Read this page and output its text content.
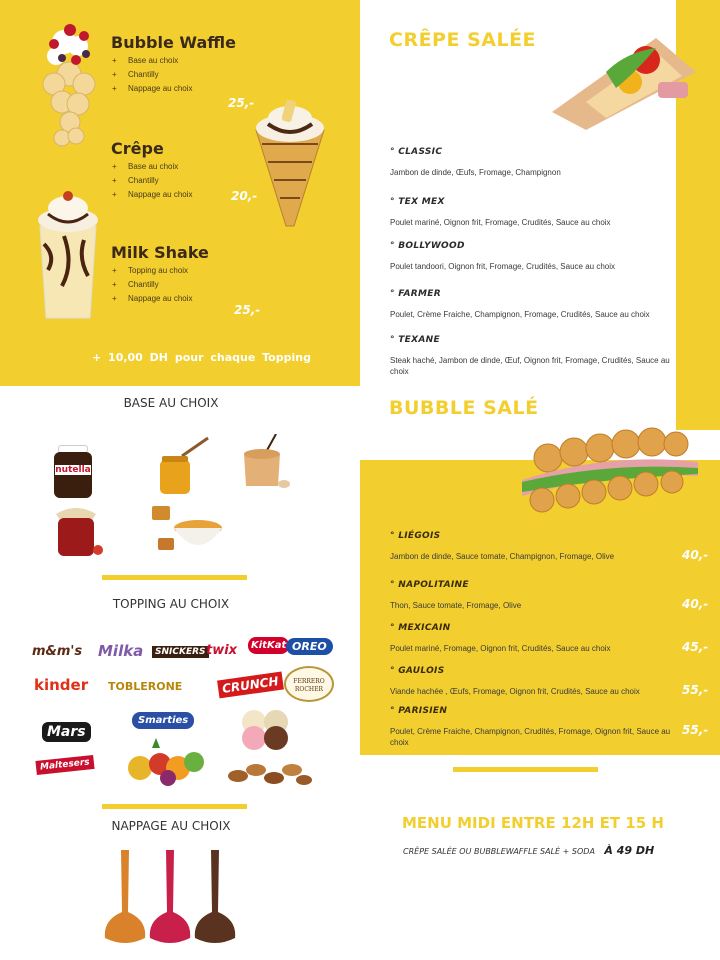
Bubble Waffle
+ Base au choix
+ Chantilly
+ Nappage au choix
25,-
Crêpe
+ Base au choix
+ Chantilly
+ Nappage au choix	20,-
Milk Shake
+ Topping au choix
+ Chantilly
+ Nappage au choix
25,-
+ 10,00 DH pour chaque Topping
BASE AU CHOIX
nutella
TOPPING AU CHOIX
m&m's Milka	SNICKERS twix	KitKat OREO
kinder TOBLERONE	CRUNCH	FERRERO ROCHER
Mars
Maltesers
Smarties
NAPPAGE AU CHOIX
CRÊPE SALÉE
° CLASSIC
Jambon de dinde, Œufs, Fromage, Champignon	40,-
° TEX MEX
Poulet mariné, Oignon frit, Fromage, Crudités, Sauce au choix	45,-
° BOLLYWOOD
Poulet tandoori, Oignon frit, Fromage, Crudités, Sauce au choix	45,-
° FARMER
Poulet, Crème Fraiche, Champignon, Fromage, Crudités, Sauce au choix	55,-
° TEXANE
Steak haché, Jambon de dinde, Œuf, Oignon frit, Fromage, Crudités, Sauce au choix
60,-
BUBBLE SALÉ
° LIÉGOIS
Jambon de dinde, Sauce tomate, Champignon, Fromage, Olive	40,-
° NAPOLITAINE
Thon, Sauce tomate, Fromage, Olive	40,-
° MEXICAIN
Poulet mariné, Fromage, Oignon frit, Crudités, Sauce au choix	45,-
° GAULOIS
Viande hachée , Œufs, Fromage, Oignon frit, Crudités, Sauce au choix	55,-
° PARISIEN
Poulet, Crème Fraiche, Champignon, Crudités, Fromage, Oignon frit, Sauce au choix
55,-
MENU MIDI ENTRE 12H ET 15 H
CRÊPE SALÉE OU BUBBLEWAFFLE SALÉ + SODA À 49 DH
